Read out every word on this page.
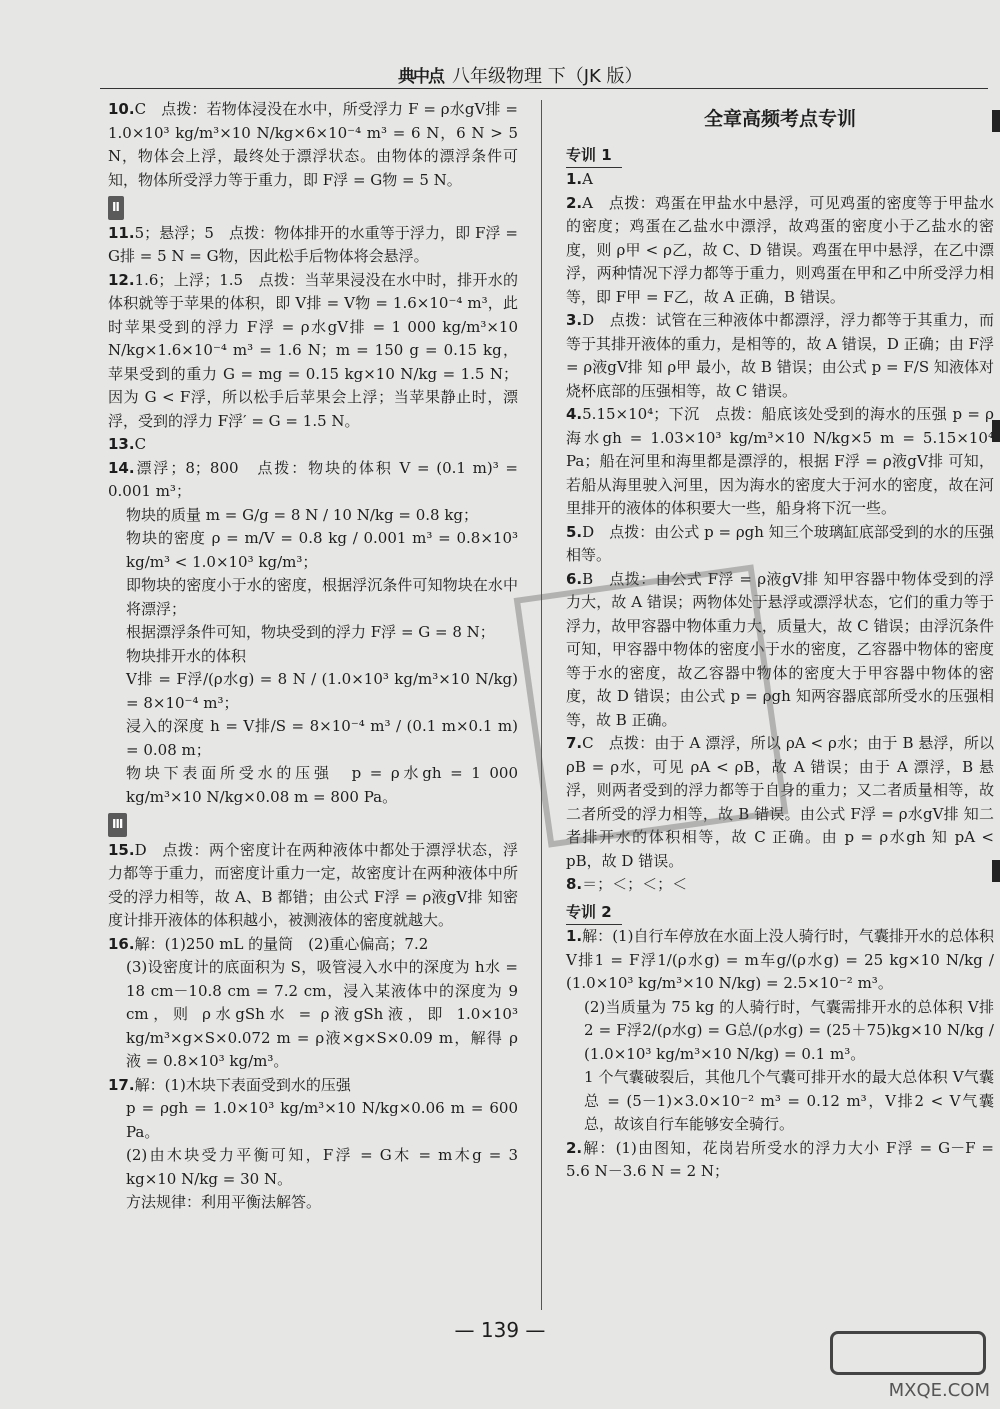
典中点 八年级物理 下（JK 版）

10.C　点拨：若物体浸没在水中，所受浮力 F = ρ水gV排 = 1.0×10³ kg/m³×10 N/kg×6×10⁻⁴ m³ = 6 N，6 N > 5 N，物体会上浮，最终处于漂浮状态。由物体的漂浮条件可知，物体所受浮力等于重力，即 F浮 = G物 = 5 N。

Ⅱ

11.5；悬浮；5　点拨：物体排开的水重等于浮力，即 F浮 = G排 = 5 N = G物，因此松手后物体将会悬浮。

12.1.6；上浮；1.5　点拨：当苹果浸没在水中时，排开水的体积就等于苹果的体积，即 V排 = V物 = 1.6×10⁻⁴ m³，此时苹果受到的浮力 F浮 = ρ水gV排 = 1 000 kg/m³×10 N/kg×1.6×10⁻⁴ m³ = 1.6 N；m = 150 g = 0.15 kg，苹果受到的重力 G = mg = 0.15 kg×10 N/kg = 1.5 N；因为 G < F浮，所以松手后苹果会上浮；当苹果静止时，漂浮，受到的浮力 F浮′ = G = 1.5 N。

13.C

14.漂浮；8；800　点拨：物块的体积 V = (0.1 m)³ = 0.001 m³；

物块的质量 m = G/g = 8 N / 10 N/kg = 0.8 kg；

物块的密度 ρ = m/V = 0.8 kg / 0.001 m³ = 0.8×10³ kg/m³ < 1.0×10³ kg/m³；

即物块的密度小于水的密度，根据浮沉条件可知物块在水中将漂浮；

根据漂浮条件可知，物块受到的浮力 F浮 = G = 8 N；

物块排开水的体积

V排 = F浮/(ρ水g) = 8 N / (1.0×10³ kg/m³×10 N/kg) = 8×10⁻⁴ m³；

浸入的深度 h = V排/S = 8×10⁻⁴ m³ / (0.1 m×0.1 m) = 0.08 m；

物块下表面所受水的压强　p = ρ水gh = 1 000 kg/m³×10 N/kg×0.08 m = 800 Pa。

Ⅲ

15.D　点拨：两个密度计在两种液体中都处于漂浮状态，浮力都等于重力，而密度计重力一定，故密度计在两种液体中所受的浮力相等，故 A、B 都错；由公式 F浮 = ρ液gV排 知密度计排开液体的体积越小，被测液体的密度就越大。

16.解：(1)250 mL 的量筒　(2)重心偏高；7.2

(3)设密度计的底面积为 S，吸管浸入水中的深度为 h水 = 18 cm－10.8 cm = 7.2 cm，浸入某液体中的深度为 9 cm，则 ρ水gSh水 = ρ液gSh液，即 1.0×10³ kg/m³×g×S×0.072 m = ρ液×g×S×0.09 m，解得 ρ液 = 0.8×10³ kg/m³。

17.解：(1)木块下表面受到水的压强

p = ρgh = 1.0×10³ kg/m³×10 N/kg×0.06 m = 600 Pa。

(2)由木块受力平衡可知，F浮 = G木 = m木g = 3 kg×10 N/kg = 30 N。

方法规律：利用平衡法解答。

全章高频考点专训
专训 1

1.A

2.A　点拨：鸡蛋在甲盐水中悬浮，可见鸡蛋的密度等于甲盐水的密度；鸡蛋在乙盐水中漂浮，故鸡蛋的密度小于乙盐水的密度，则 ρ甲 < ρ乙，故 C、D 错误。鸡蛋在甲中悬浮，在乙中漂浮，两种情况下浮力都等于重力，则鸡蛋在甲和乙中所受浮力相等，即 F甲 = F乙，故 A 正确，B 错误。

3.D　点拨：试管在三种液体中都漂浮，浮力都等于其重力，而等于其排开液体的重力，是相等的，故 A 错误，D 正确；由 F浮 = ρ液gV排 知 ρ甲 最小，故 B 错误；由公式 p = F/S 知液体对烧杯底部的压强相等，故 C 错误。

4.5.15×10⁴；下沉　点拨：船底该处受到的海水的压强 p = ρ海水gh = 1.03×10³ kg/m³×10 N/kg×5 m = 5.15×10⁴ Pa；船在河里和海里都是漂浮的，根据 F浮 = ρ液gV排 可知，若船从海里驶入河里，因为海水的密度大于河水的密度，故在河里排开的液体的体积要大一些，船身将下沉一些。

5.D　点拨：由公式 p = ρgh 知三个玻璃缸底部受到的水的压强相等。

6.B　点拨：由公式 F浮 = ρ液gV排 知甲容器中物体受到的浮力大，故 A 错误；两物体处于悬浮或漂浮状态，它们的重力等于浮力，故甲容器中物体重力大，质量大，故 C 错误；由浮沉条件可知，甲容器中物体的密度小于水的密度，乙容器中物体的密度等于水的密度，故乙容器中物体的密度大于甲容器中物体的密度，故 D 错误；由公式 p = ρgh 知两容器底部所受水的压强相等，故 B 正确。

7.C　点拨：由于 A 漂浮，所以 ρA < ρ水；由于 B 悬浮，所以 ρB = ρ水，可见 ρA < ρB，故 A 错误；由于 A 漂浮，B 悬浮，则两者受到的浮力都等于自身的重力；又二者质量相等，故二者所受的浮力相等，故 B 错误。由公式 F浮 = ρ水gV排 知二者排开水的体积相等，故 C 正确。由 p = ρ水gh 知 pA < pB，故 D 错误。

8.＝；＜；＜；＜

专训 2

1.解：(1)自行车停放在水面上没人骑行时，气囊排开水的总体积 V排1 = F浮1/(ρ水g) = m车g/(ρ水g) = 25 kg×10 N/kg / (1.0×10³ kg/m³×10 N/kg) = 2.5×10⁻² m³。

(2)当质量为 75 kg 的人骑行时，气囊需排开水的总体积 V排2 = F浮2/(ρ水g) = G总/(ρ水g) = (25＋75)kg×10 N/kg / (1.0×10³ kg/m³×10 N/kg) = 0.1 m³。

1 个气囊破裂后，其他几个气囊可排开水的最大总体积 V气囊总 = (5－1)×3.0×10⁻² m³ = 0.12 m³，V排2 < V气囊总，故该自行车能够安全骑行。

2.解：(1)由图知，花岗岩所受水的浮力大小 F浮 = G－F = 5.6 N－3.6 N = 2 N；

— 139 —
MXQE.COM
